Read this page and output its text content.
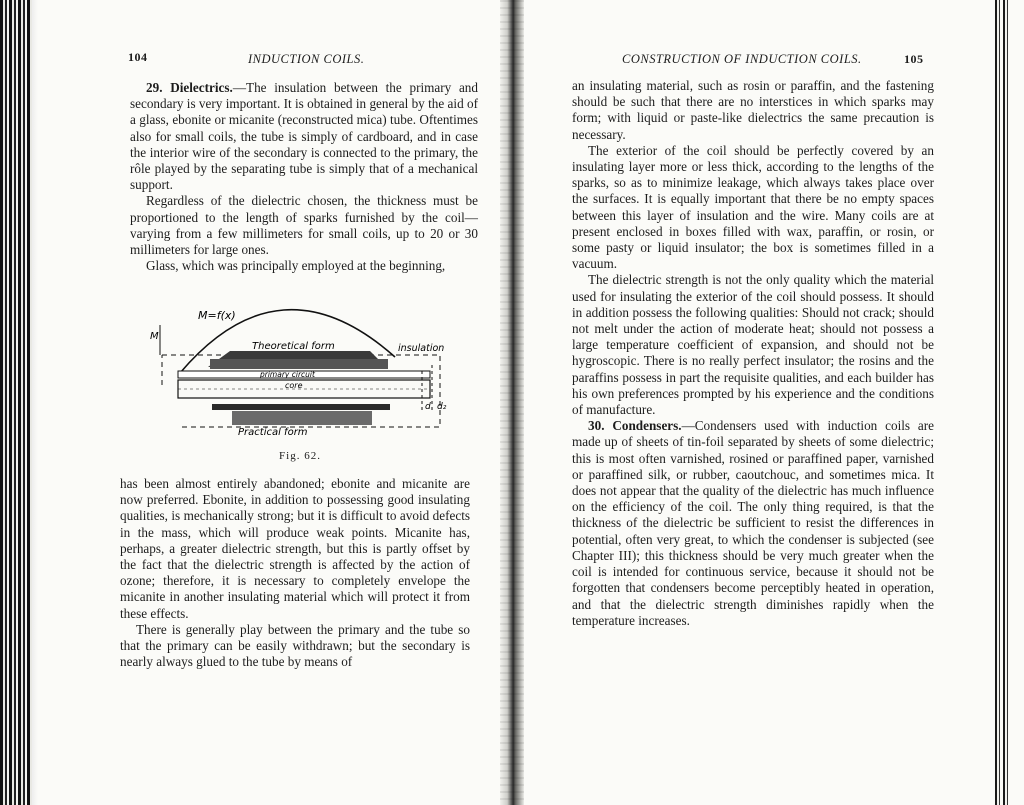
104	INDUCTION COILS.

29. Dielectrics.—The insulation between the primary and secondary is very important. It is obtained in general by the aid of a glass, ebonite or micanite (reconstructed mica) tube. Oftentimes also for small coils, the tube is simply of cardboard, and in case the interior wire of the secondary is connected to the primary, the rôle played by the separating tube is simply that of a mechanical support.

Regardless of the dielectric chosen, the thickness must be proportioned to the length of sparks furnished by the coil—varying from a few millimeters for small coils, up to 20 or 30 millimeters for large ones.

Glass, which was principally employed at the beginning,

M=f(x)
M
Theoretical form	insulation
primary circuit
core
Practical form
d d₂
Fig. 62.

has been almost entirely abandoned; ebonite and micanite are now preferred. Ebonite, in addition to possessing good insulating qualities, is mechanically strong; but it is difficult to avoid defects in the mass, which will produce weak points. Micanite has, perhaps, a greater dielectric strength, but this is partly offset by the fact that the dielectric strength is affected by the action of ozone; therefore, it is necessary to completely envelope the micanite in another insulating material which will protect it from these effects.

There is generally play between the primary and the tube so that the primary can be easily withdrawn; but the secondary is nearly always glued to the tube by means of

CONSTRUCTION OF INDUCTION COILS.	105

an insulating material, such as rosin or paraffin, and the fastening should be such that there are no interstices in which sparks may form; with liquid or paste-like dielectrics the same precaution is necessary.

The exterior of the coil should be perfectly covered by an insulating layer more or less thick, according to the lengths of the sparks, so as to minimize leakage, which always takes place over the surfaces. It is equally important that there be no empty spaces between this layer of insulation and the wire. Many coils are at present enclosed in boxes filled with wax, paraffin, or rosin, or some pasty or liquid insulator; the box is sometimes filled in a vacuum.

The dielectric strength is not the only quality which the material used for insulating the exterior of the coil should possess. It should in addition possess the following qualities: Should not crack; should not melt under the action of moderate heat; should not possess a large temperature coefficient of expansion, and should not be hygroscopic. There is no really perfect insulator; the rosins and the paraffins possess in part the requisite qualities, and each builder has his own preferences prompted by his experience and the conditions of manufacture.

30. Condensers.—Condensers used with induction coils are made up of sheets of tin-foil separated by sheets of some dielectric; this is most often varnished, rosined or paraffined paper, varnished or paraffined silk, or rubber, caoutchouc, and sometimes mica. It does not appear that the quality of the dielectric has much influence on the efficiency of the coil. The only thing required, is that the thickness of the dielectric be sufficient to resist the differences in potential, often very great, to which the condenser is subjected (see Chapter III); this thickness should be very much greater when the coil is intended for continuous service, because it should not be forgotten that condensers become perceptibly heated in operation, and that the dielectric strength diminishes rapidly when the temperature increases.
